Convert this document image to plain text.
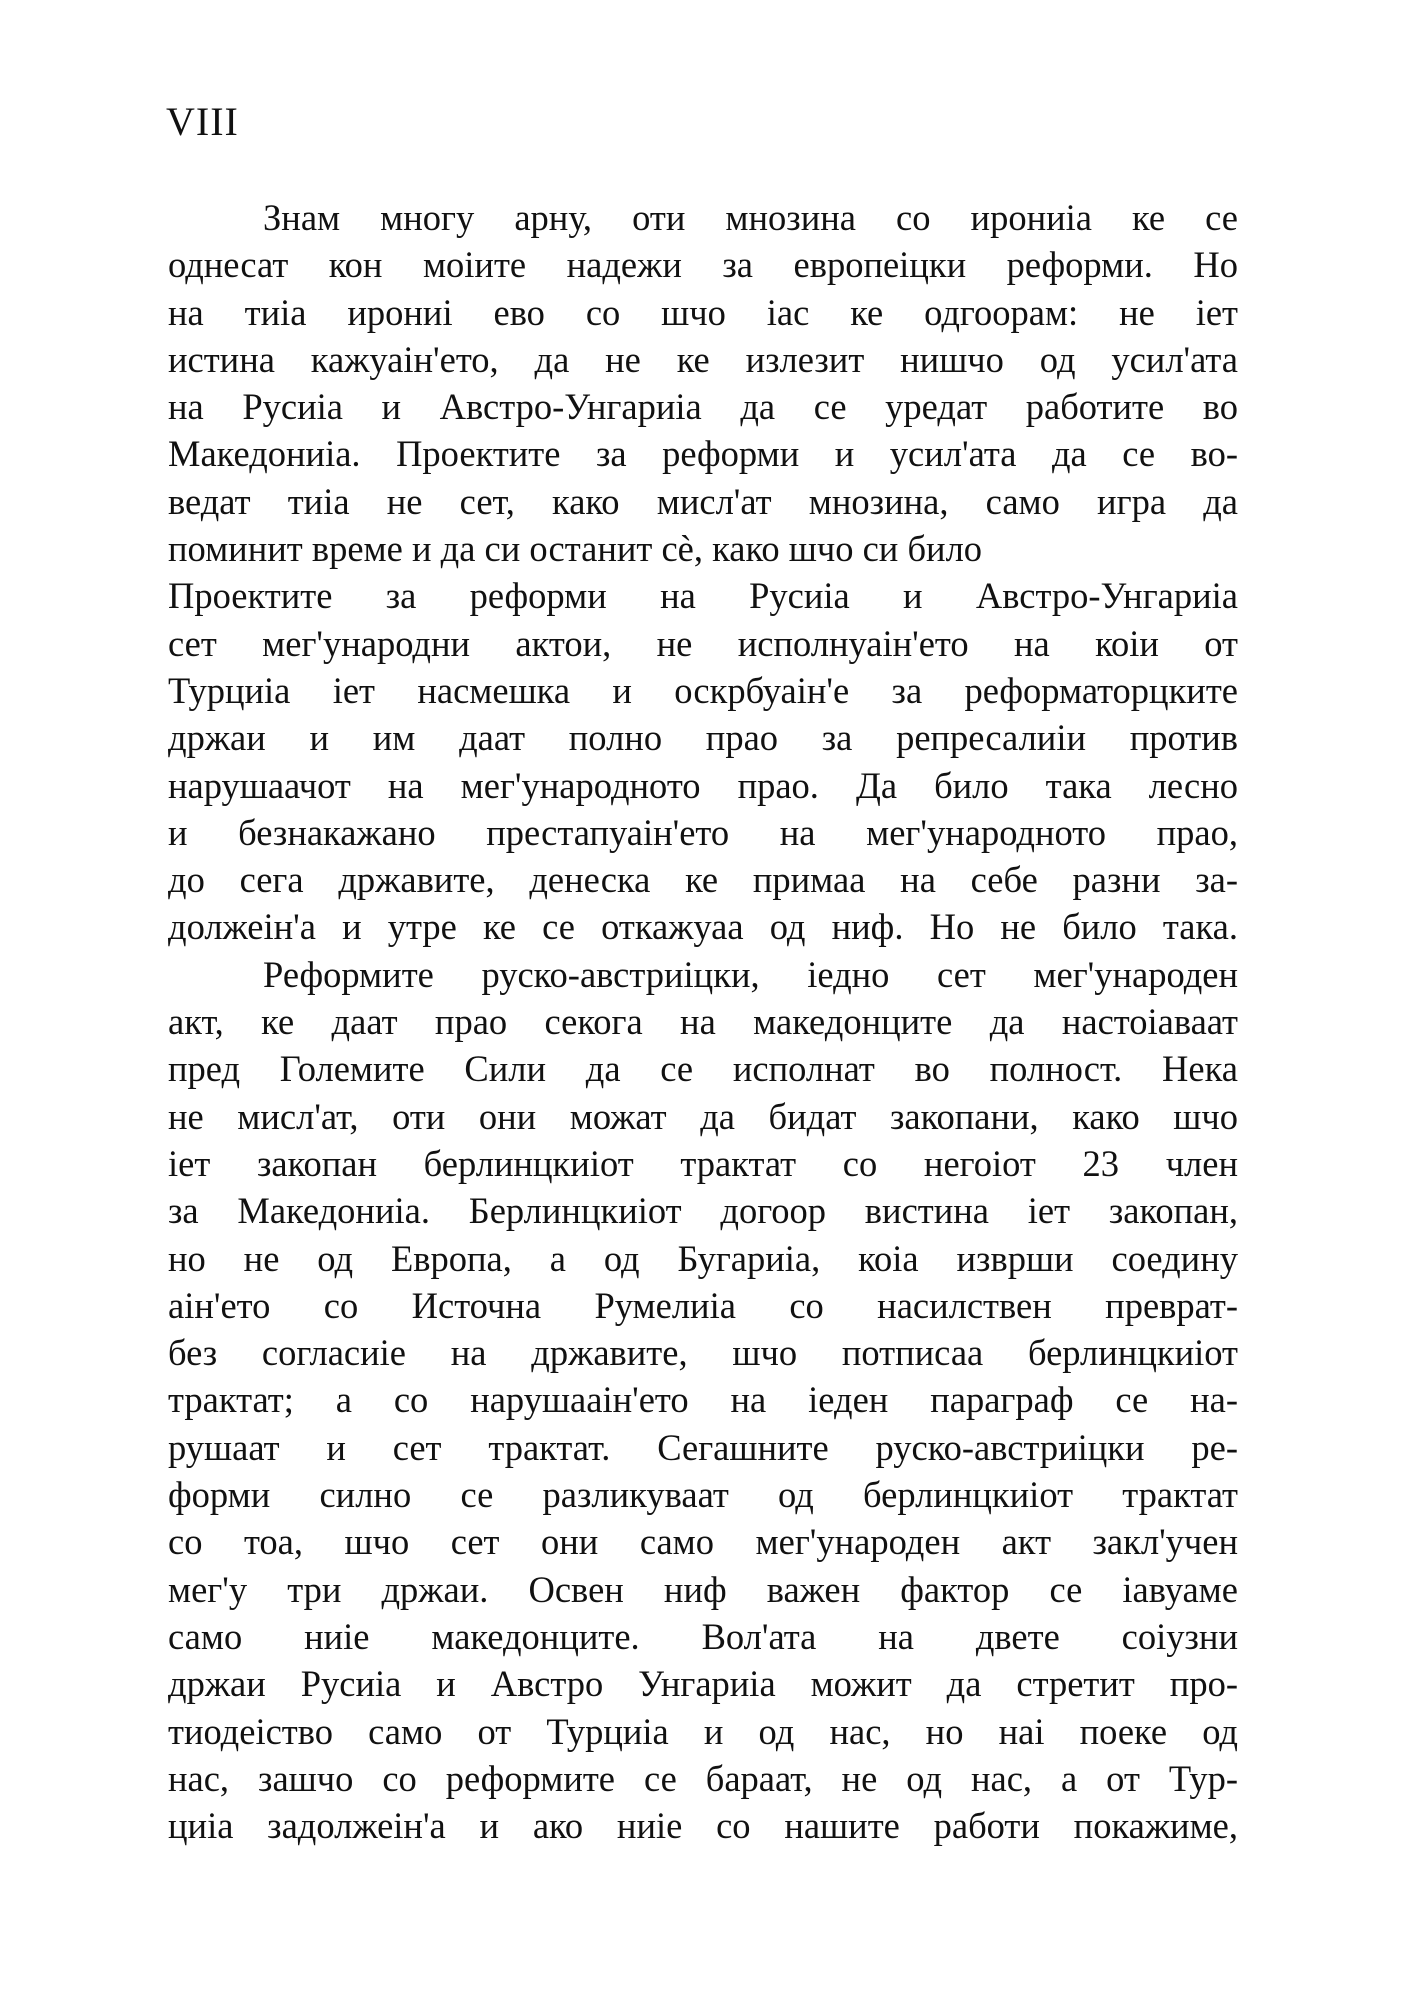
VIII
Знам многу арну, оти мнозина со ирониіа ке се
однесат кон моіите надежи за европеіцки реформи. Но
на тиіа ирониі ево со шчо іас ке одгоорам: не іет
истина кажуаін'ето, да не ке излезит нишчо од усил'ата
на Русиіа и Австро-Унгариіа да се уредат работите во
Македониіа. Проектите за реформи и усил'ата да се во-
ведат тиіа не сет, како мисл'ат мнозина, само игра да
поминит време и да си останит сè, како шчо си било
Проектите за реформи на Русиіа и Австро-Унгариіа
сет мег'ународни актои, не исполнуаін'ето на коіи от
Турциіа іет насмешка и оскрбуаін'е за реформаторцките
држаи и им даат полно прао за репресалиіи против
нарушаачот на мег'ународното прао. Да било така лесно
и безнакажано престапуаін'ето на мег'ународното прао,
до сега државите, денеска ке примаа на себе разни за-
должеін'а и утре ке се откажуаа од ниф. Но не било така.
Реформите руско-австриіцки, іедно сет мег'ународен
акт, ке даат прао секога на македонците да настоіаваат
пред Големите Сили да се исполнат во полност. Нека
не мисл'ат, оти они можат да бидат закопани, како шчо
іет закопан берлинцкиіот трактат со негоіот 23 член
за Македониіа. Берлинцкиіот догоор вистина іет закопан,
но не од Европа, а од Бугариіа, коіа изврши соедину
аін'ето со Источна Румелиіа со насилствен преврат-
без согласиіе на државите, шчо потписаа берлинцкиіот
трактат; а со нарушааін'ето на іеден параграф се на-
рушаат и сет трактат. Сегашните руско-австриіцки ре-
форми силно се разликуваат од берлинцкиіот трактат
со тоа, шчо сет они само мег'ународен акт закл'учен
мег'у три држаи. Освен ниф важен фактор се іавуаме
само ниіе македонците. Вол'ата на двете соіузни
држаи Русиіа и Австро Унгариіа можит да стретит про-
тиодеіство само от Турциіа и од нас, но наі поеке од
нас, зашчо со реформите се бараат, не од нас, а от Тур-
циіа задолжеін'а и ако ниіе со нашите работи покажиме,
